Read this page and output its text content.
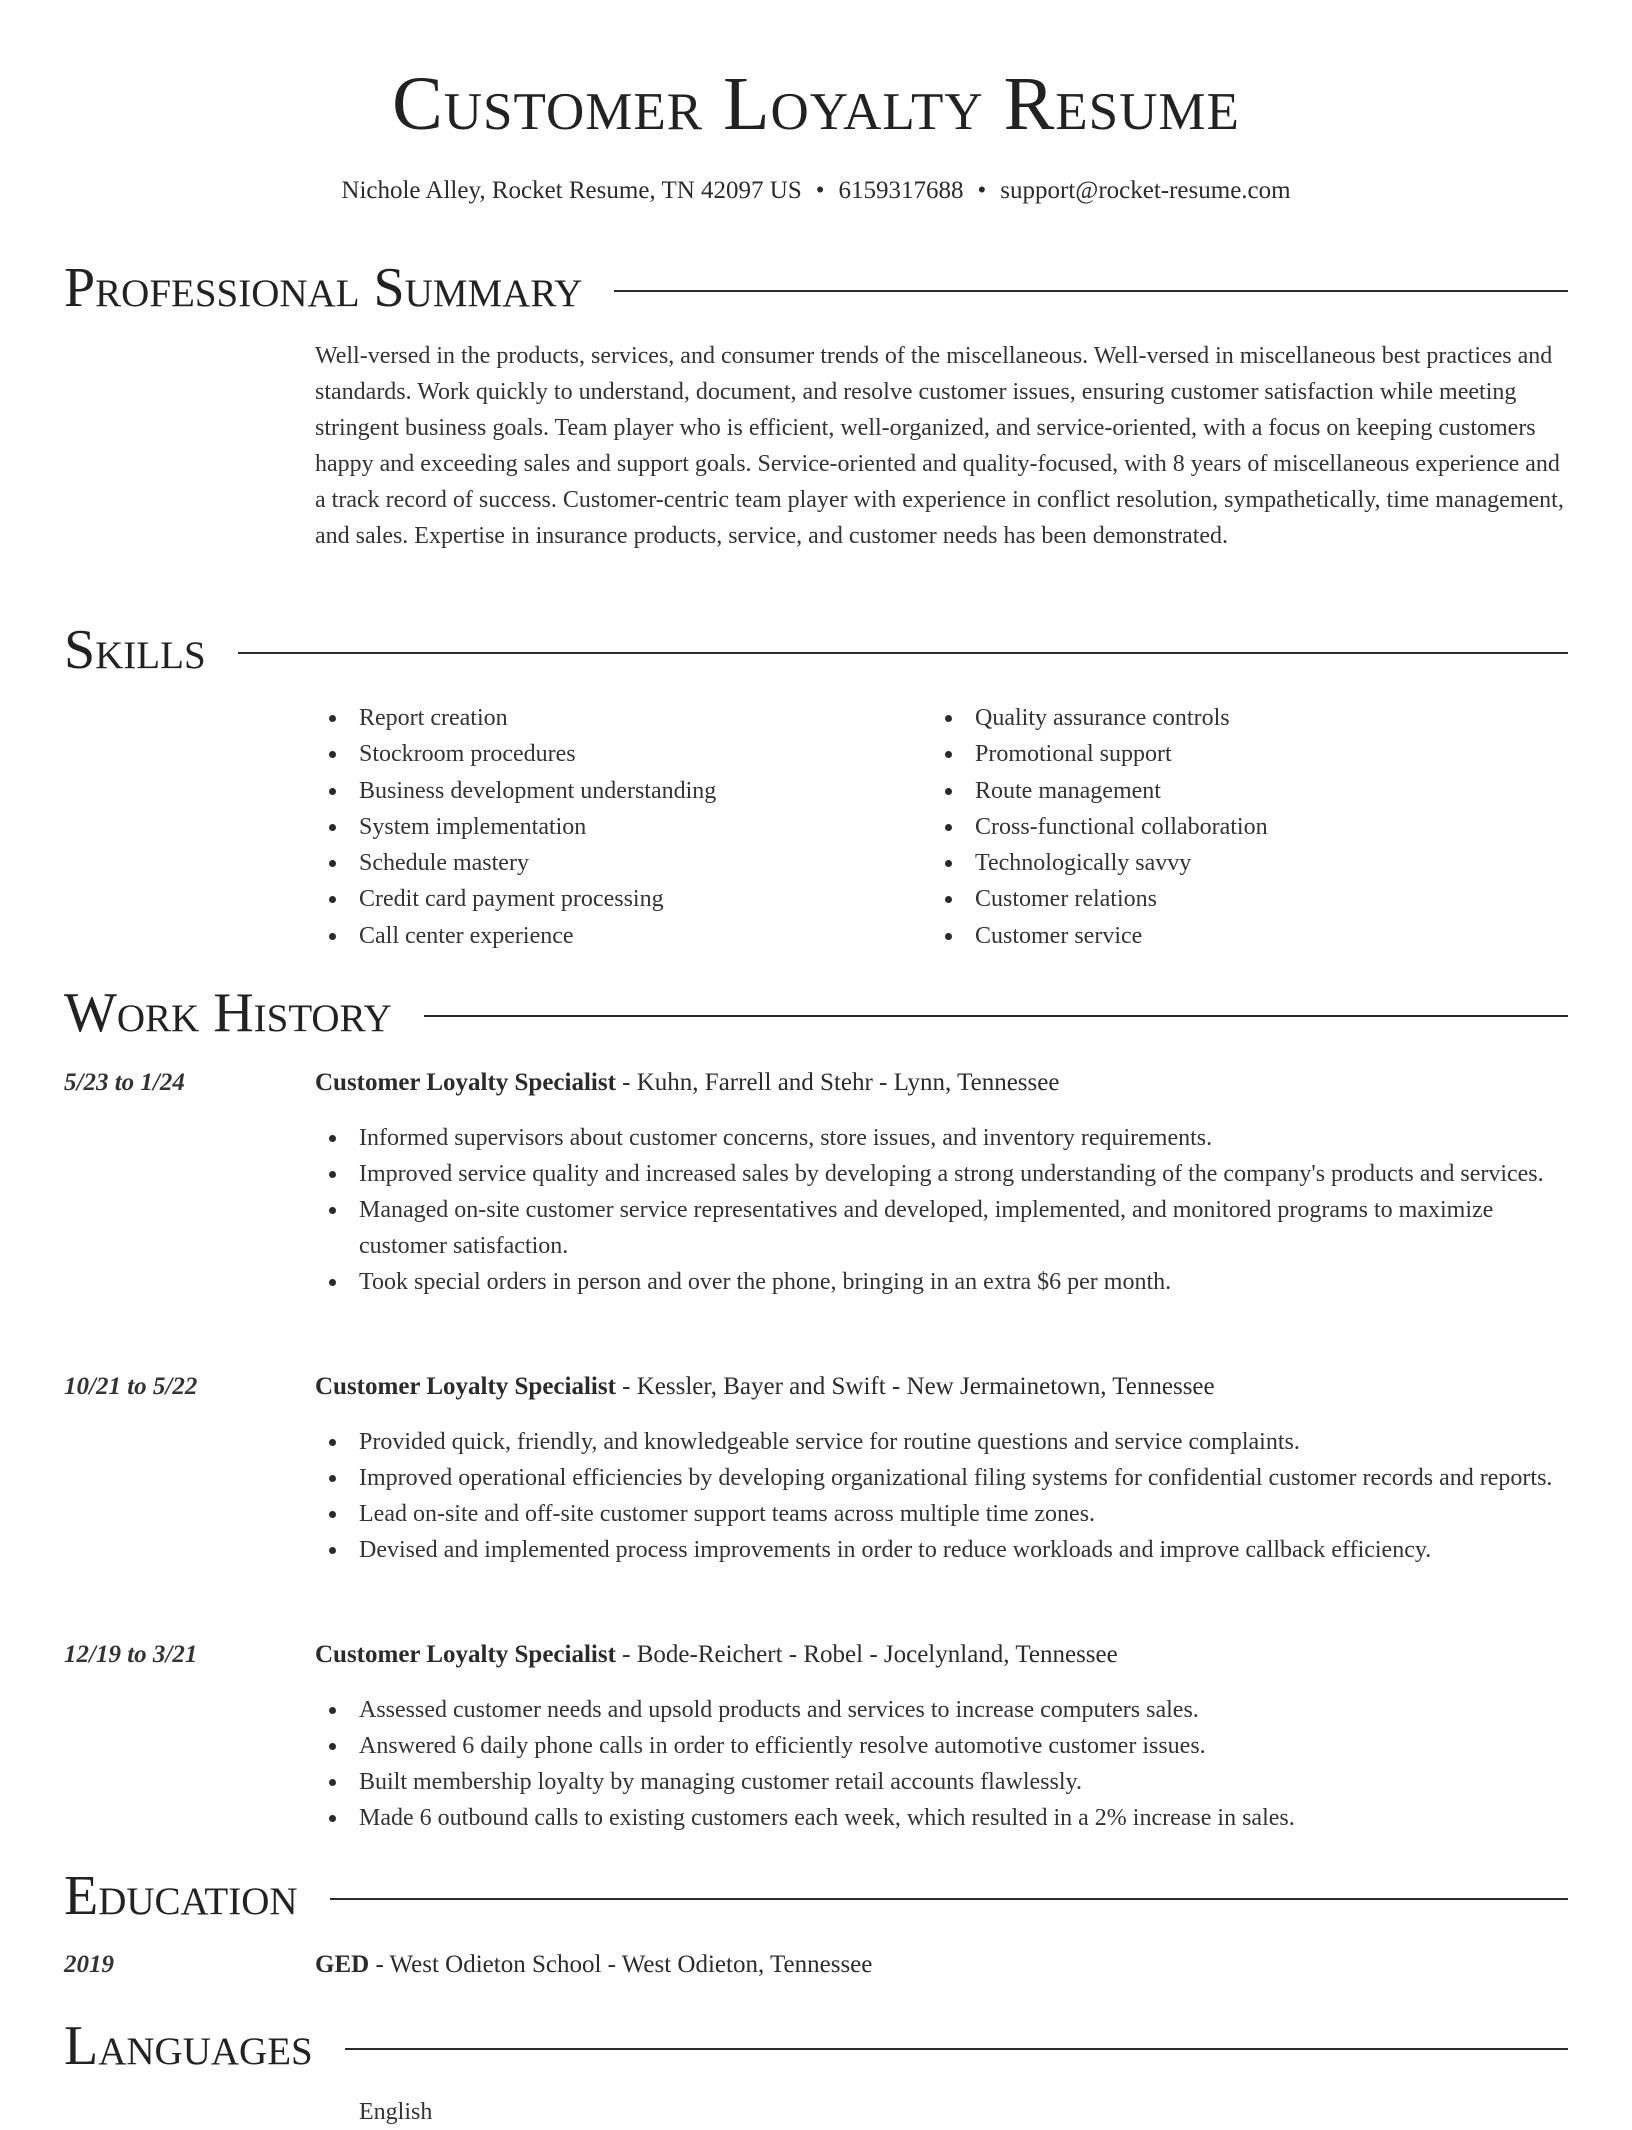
Customer Loyalty Resume
Nichole Alley, Rocket Resume, TN 42097 US • 6159317688 • support@rocket-resume.com
Professional Summary

Well-versed in the products, services, and consumer trends of the miscellaneous. Well-versed in miscellaneous best practices and standards. Work quickly to understand, document, and resolve customer issues, ensuring customer satisfaction while meeting stringent business goals. Team player who is efficient, well-organized, and service-oriented, with a focus on keeping customers happy and exceeding sales and support goals. Service-oriented and quality-focused, with 8 years of miscellaneous experience and a track record of success. Customer-centric team player with experience in conflict resolution, sympathetically, time management, and sales. Expertise in insurance products, service, and customer needs has been demonstrated.

Skills
Report creation
Stockroom procedures
Business development understanding
System implementation
Schedule mastery
Credit card payment processing
Call center experience
Quality assurance controls
Promotional support
Route management
Cross-functional collaboration
Technologically savvy
Customer relations
Customer service
Work History
5/23 to 1/24	Customer Loyalty Specialist - Kuhn, Farrell and Stehr - Lynn, Tennessee
Informed supervisors about customer concerns, store issues, and inventory requirements.
Improved service quality and increased sales by developing a strong understanding of the company's products and services.
Managed on-site customer service representatives and developed, implemented, and monitored programs to maximize customer satisfaction.
Took special orders in person and over the phone, bringing in an extra $6 per month.
10/21 to 5/22	Customer Loyalty Specialist - Kessler, Bayer and Swift - New Jermainetown, Tennessee
Provided quick, friendly, and knowledgeable service for routine questions and service complaints.
Improved operational efficiencies by developing organizational filing systems for confidential customer records and reports.
Lead on-site and off-site customer support teams across multiple time zones.
Devised and implemented process improvements in order to reduce workloads and improve callback efficiency.
12/19 to 3/21	Customer Loyalty Specialist - Bode-Reichert - Robel - Jocelynland, Tennessee
Assessed customer needs and upsold products and services to increase computers sales.
Answered 6 daily phone calls in order to efficiently resolve automotive customer issues.
Built membership loyalty by managing customer retail accounts flawlessly.
Made 6 outbound calls to existing customers each week, which resulted in a 2% increase in sales.
Education
2019	GED - West Odieton School - West Odieton, Tennessee
Languages
English
